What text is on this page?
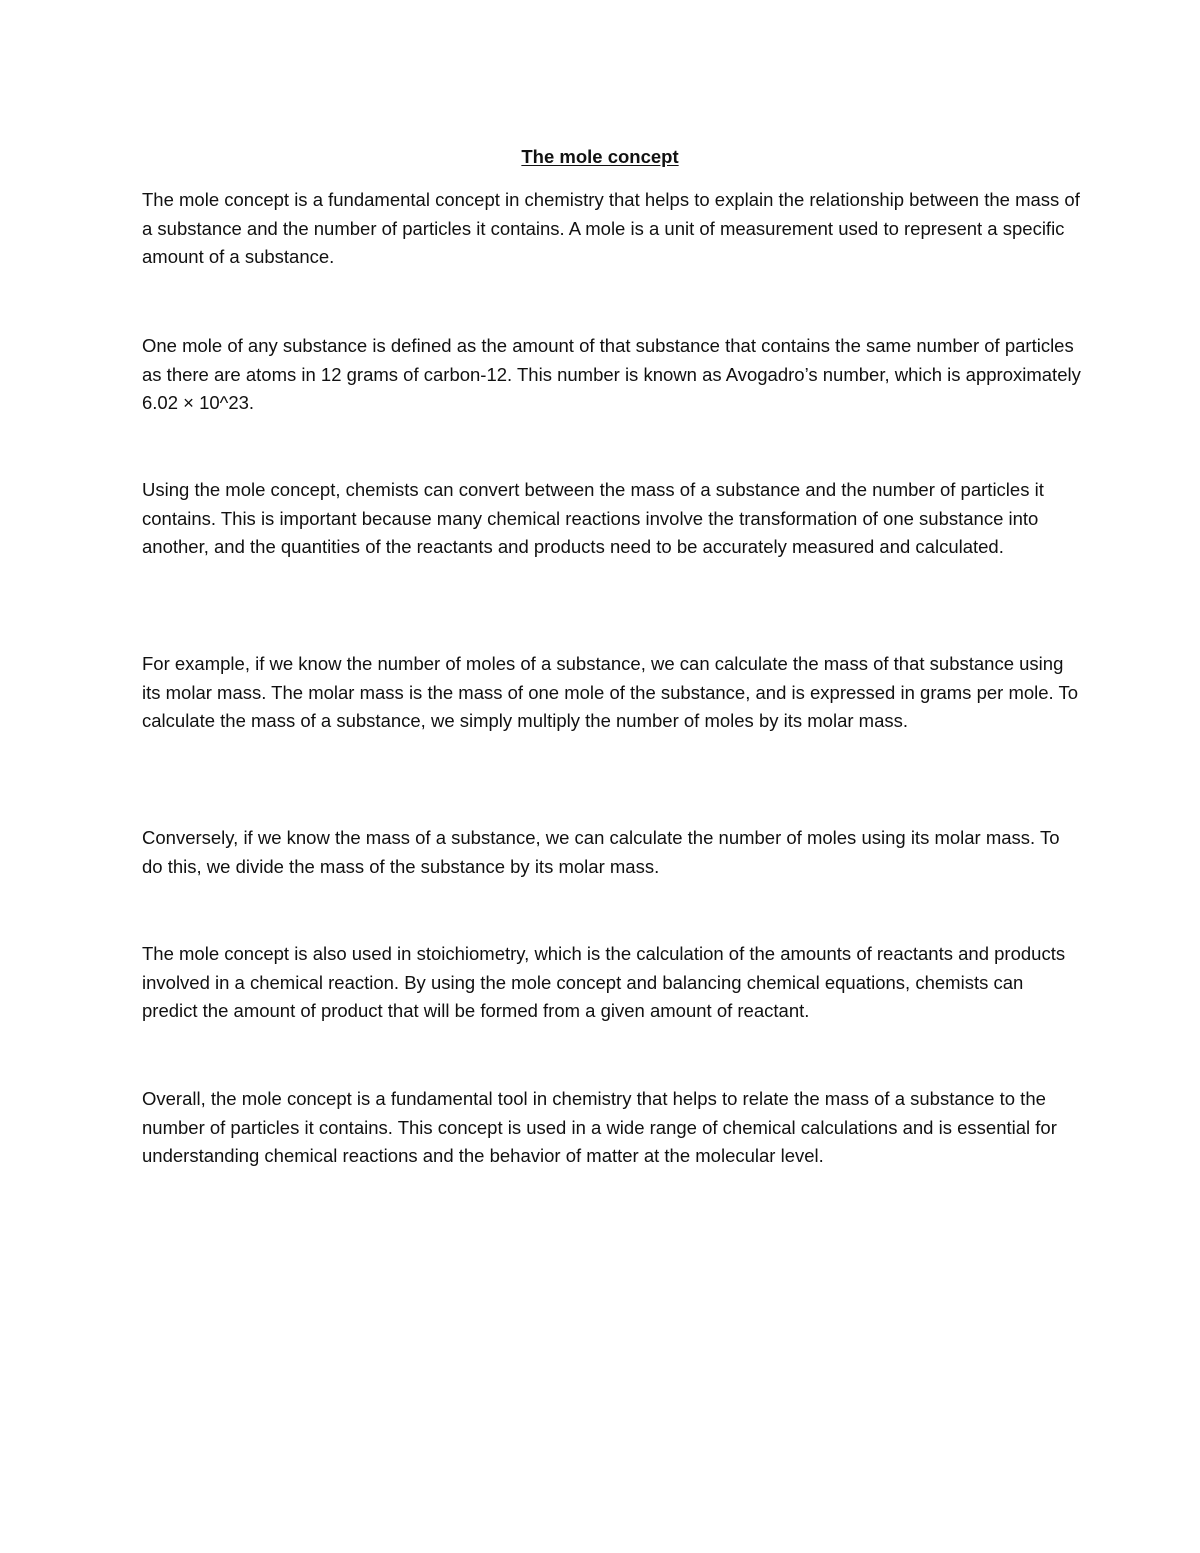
The mole concept

The mole concept is a fundamental concept in chemistry that helps to explain the relationship between the mass of a substance and the number of particles it contains. A mole is a unit of measurement used to represent a specific amount of a substance.

One mole of any substance is defined as the amount of that substance that contains the same number of particles as there are atoms in 12 grams of carbon-12. This number is known as Avogadro’s number, which is approximately 6.02 × 10^23.

Using the mole concept, chemists can convert between the mass of a substance and the number of particles it contains. This is important because many chemical reactions involve the transformation of one substance into another, and the quantities of the reactants and products need to be accurately measured and calculated.

For example, if we know the number of moles of a substance, we can calculate the mass of that substance using its molar mass. The molar mass is the mass of one mole of the substance, and is expressed in grams per mole. To calculate the mass of a substance, we simply multiply the number of moles by its molar mass.

Conversely, if we know the mass of a substance, we can calculate the number of moles using its molar mass. To do this, we divide the mass of the substance by its molar mass.

The mole concept is also used in stoichiometry, which is the calculation of the amounts of reactants and products involved in a chemical reaction. By using the mole concept and balancing chemical equations, chemists can predict the amount of product that will be formed from a given amount of reactant.

Overall, the mole concept is a fundamental tool in chemistry that helps to relate the mass of a substance to the number of particles it contains. This concept is used in a wide range of chemical calculations and is essential for understanding chemical reactions and the behavior of matter at the molecular level.
